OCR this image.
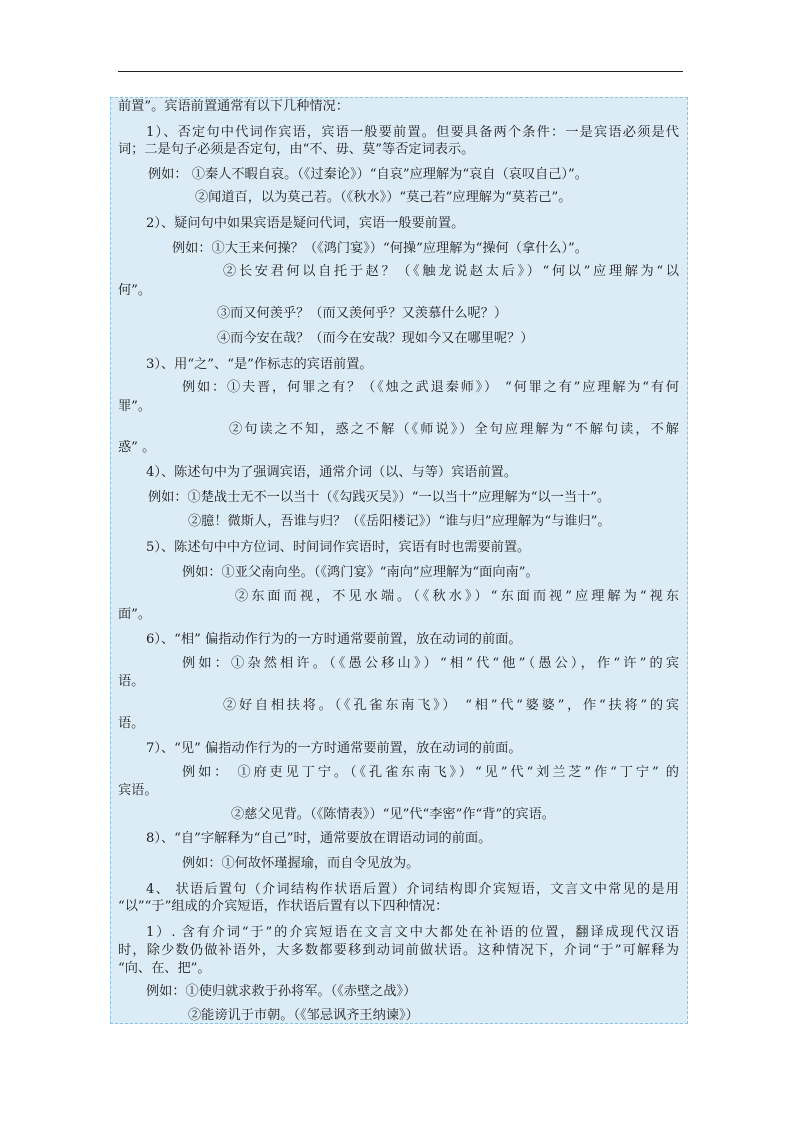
前置”。宾语前置通常有以下几种情况：
1）、否定句中代词作宾语，宾语一般要前置。但要具备两个条件：一是宾语必须是代
词；二是句子必须是否定句，由“不、毋、莫”等否定词表示。
例如： ①秦人不暇自哀。（《过秦论》）“自哀”应理解为“哀自（哀叹自己）”。
②闻道百，以为莫己若。（《秋水》）“莫己若”应理解为“莫若己”。
2）、疑问句中如果宾语是疑问代词，宾语一般要前置。
例如：①大王来何操？（《鸿门宴》）“何操”应理解为“操何（拿什么）”。
②长安君何以自托于赵？（《触龙说赵太后》）“何以”应理解为“以
何”。
③而又何羡乎？（而又羡何乎？又羡慕什么呢？）
④而今安在哉？（而今在安哉？现如今又在哪里呢？）
3）、用“之”、“是”作标志的宾语前置。
例如：①夫晋，何罪之有？（《烛之武退秦师》） “何罪之有”应理解为“有何
罪”。
②句读之不知，惑之不解（《师说》）全句应理解为“不解句读，不解
惑” 。
4）、陈述句中为了强调宾语，通常介词（以、与等）宾语前置。
例如：①楚战士无不一以当十（《勾践灭吴》）“一以当十”应理解为“以一当十”。
②臆！微斯人，吾谁与归？（《岳阳楼记》）“谁与归”应理解为“与谁归”。
5）、陈述句中中方位词、时间词作宾语时，宾语有时也需要前置。
例如：①亚父南向坐。（《鸿门宴》“南向”应理解为“面向南”。
②东面而视，不见水端。（《秋水》）“东面而视”应理解为“视东
面”。
6）、“相” 偏指动作行为的一方时通常要前置，放在动词的前面。
例如：①杂然相许。（《愚公移山》）“相”代“他”（愚公），作“许”的宾
语。
②好自相扶将。（《孔雀东南飞》） “相”代“婆婆”，作“扶将”的宾
语。
7）、“见” 偏指动作行为的一方时通常要前置，放在动词的前面。
例如： ①府吏见丁宁。（《孔雀东南飞》）“见”代“刘兰芝”作“丁宁” 的
宾语。
②慈父见背。（《陈情表》）“见”代“李密”作“背”的宾语。
8）、“自”字解释为“自己”时，通常要放在谓语动词的前面。
例如：①何故怀瑾握瑜，而自令见放为。
4、 状语后置句（介词结构作状语后置）介词结构即介宾短语，文言文中常见的是用
“以”“于”组成的介宾短语，作状语后置有以下四种情况：
1）. 含有介词“于”的介宾短语在文言文中大都处在补语的位置，翻译成现代汉语
时，除少数仍做补语外，大多数都要移到动词前做状语。这种情况下，介词“于”可解释为
“向、在、把”。
例如：①使归就求救于孙将军。（《赤壁之战》）
②能谤讥于市朝。（《邹忌讽齐王纳谏》）
